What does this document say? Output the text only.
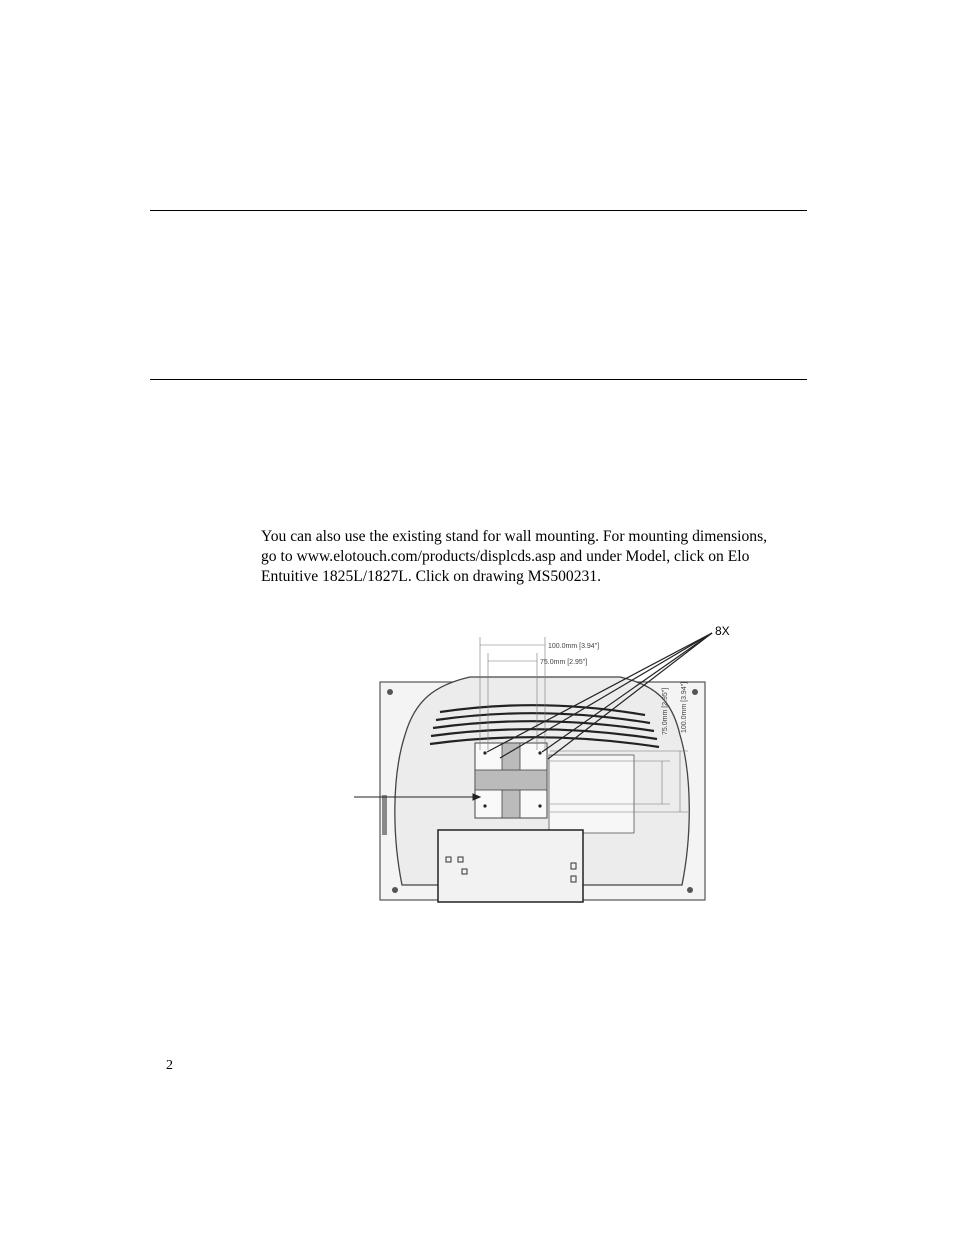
You can also use the existing stand for wall mounting. For mounting dimensions,
go to www.elotouch.com/products/displcds.asp and under Model, click on Elo
Entuitive 1825L/1827L. Click on drawing MS500231.

100.0mm [3.94"]
75.0mm [2.95"]
75.0mm [2.95"] 100.0mm [3.94"]
8X
2
